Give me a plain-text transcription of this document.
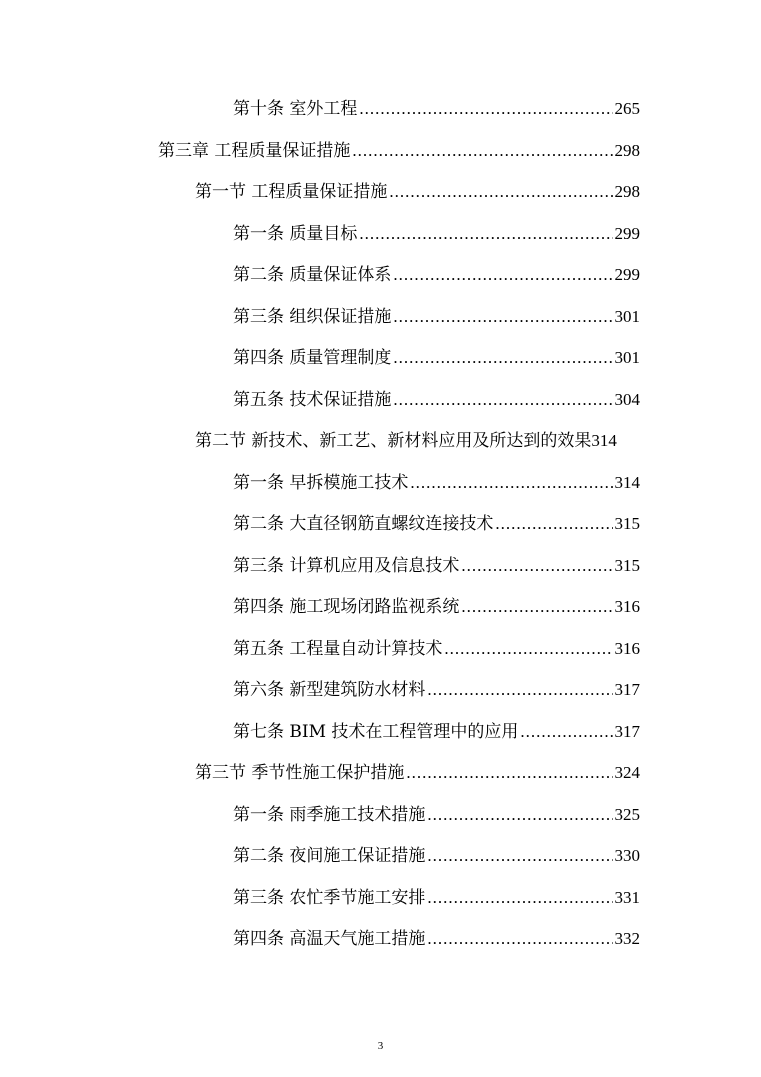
第十条 室外工程 .....	265
第三章 工程质量保证措施 .....	298
第一节 工程质量保证措施 .....	298
第一条 质量目标 .....	299
第二条 质量保证体系 .....	299
第三条 组织保证措施 .....	301
第四条 质量管理制度 .....	301
第五条 技术保证措施 .....	304
第二节 新技术、新工艺、新材料应用及所达到的效果 314
第一条 早拆模施工技术 .....	314
第二条 大直径钢筋直螺纹连接技术 .....	315
第三条 计算机应用及信息技术 .....	315
第四条 施工现场闭路监视系统 .....	316
第五条 工程量自动计算技术 .....	316
第六条 新型建筑防水材料 .....	317
第七条 BIM 技术在工程管理中的应用 .....	317
第三节 季节性施工保护措施 .....	324
第一条 雨季施工技术措施 .....	325
第二条 夜间施工保证措施 .....	330
第三条 农忙季节施工安排 .....	331
第四条 高温天气施工措施 .....	332
3
